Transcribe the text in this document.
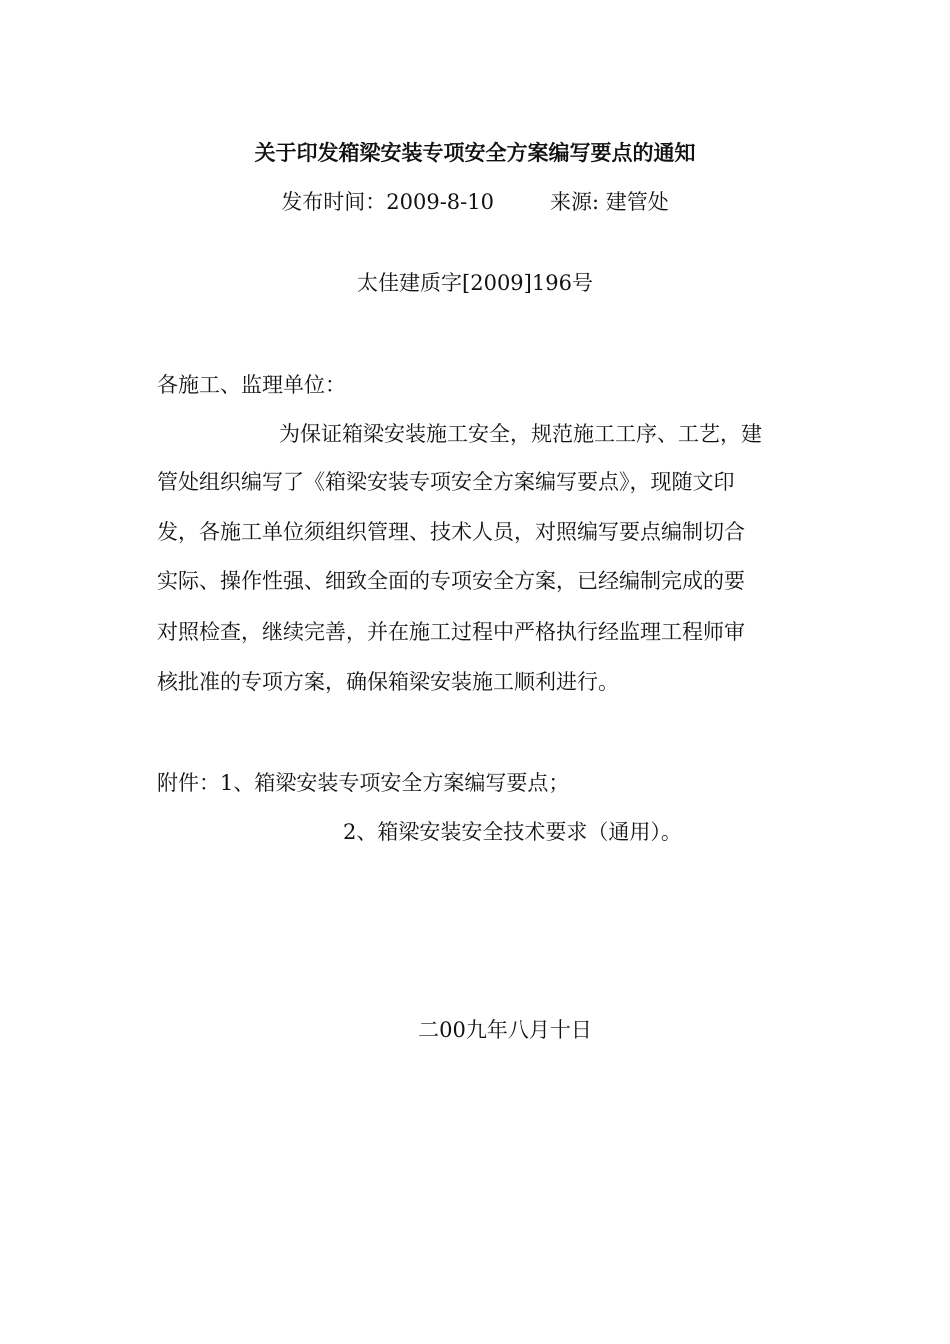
关于印发箱梁安装专项安全方案编写要点的通知
发布时间：2009-8-10	来源: 建管处
太佳建质字[2009]196号
各施工、监理单位：
为保证箱梁安装施工安全，规范施工工序、工艺，建
管处组织编写了《箱梁安装专项安全方案编写要点》，现随文印
发，各施工单位须组织管理、技术人员，对照编写要点编制切合
实际、操作性强、细致全面的专项安全方案，已经编制完成的要
对照检查，继续完善，并在施工过程中严格执行经监理工程师审
核批准的专项方案，确保箱梁安装施工顺利进行。
附件：1、箱梁安装专项安全方案编写要点；
2、箱梁安装安全技术要求（通用）。
二00九年八月十日
